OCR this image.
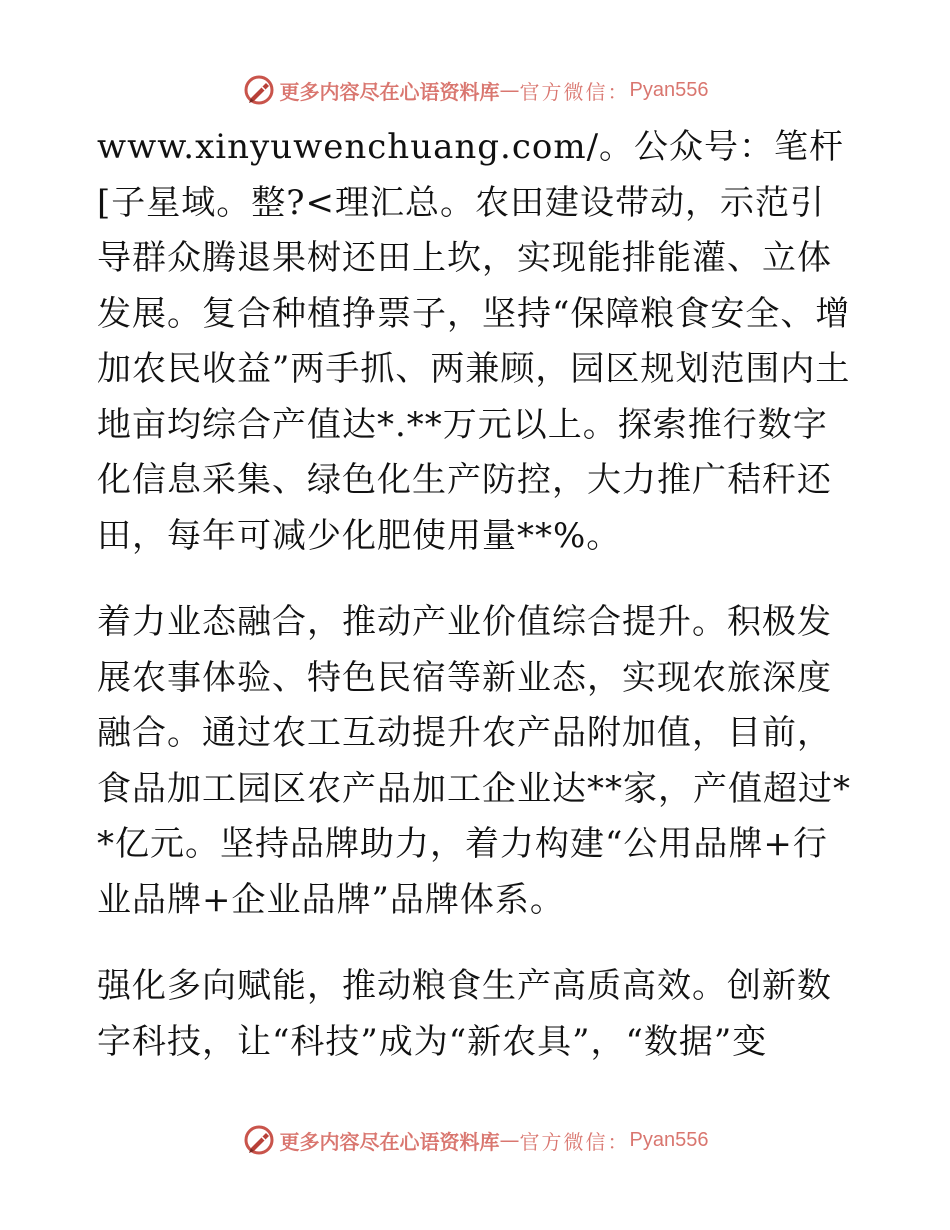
更多内容尽在心语资料库 — 官方微信： Pyan556

www.xinyuwenchuang.com/。公众号：笔杆[子星域。整?<理汇总。农田建设带动，示范引导群众腾退果树还田上坎，实现能排能灌、立体发展。复合种植挣票子，坚持“保障粮食安全、增加农民收益”两手抓、两兼顾，园区规划范围内土地亩均综合产值达*.**万元以上。探索推行数字化信息采集、绿色化生产防控，大力推广秸秆还田，每年可减少化肥使用量**%。

着力业态融合，推动产业价值综合提升。积极发展农事体验、特色民宿等新业态，实现农旅深度融合。通过农工互动提升农产品附加值，目前，食品加工园区农产品加工企业达**家，产值超过**亿元。坚持品牌助力，着力构建“公用品牌+行业品牌+企业品牌”品牌体系。

强化多向赋能，推动粮食生产高质高效。创新数字科技，让“科技”成为“新农具”，“数据”变

更多内容尽在心语资料库 — 官方微信： Pyan556
